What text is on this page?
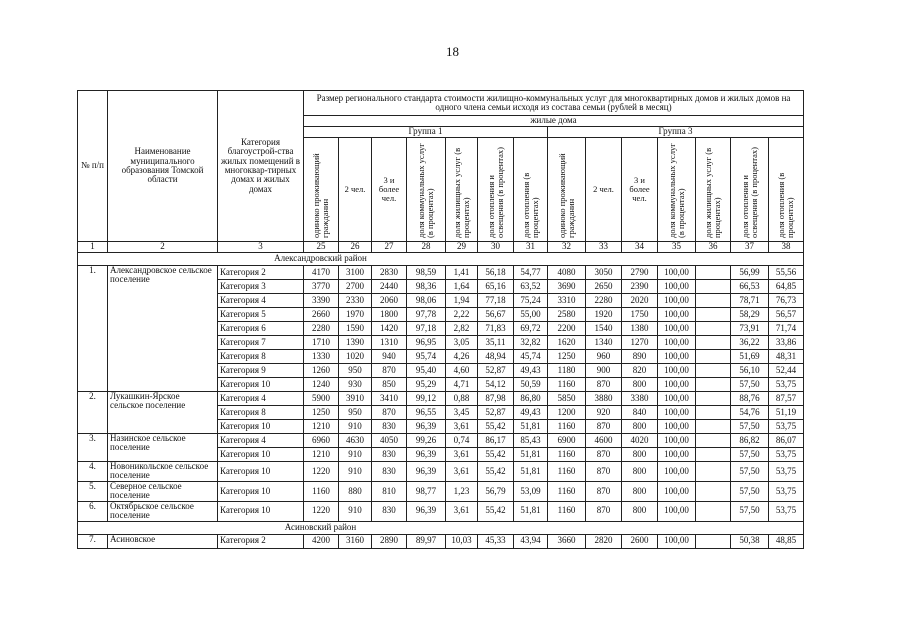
18
№ п/п	Наименование муниципального образования Томской области	Категория благоустрой-ства жилых помещений в многоквар-тирных домах и жилых домах	Размер регионального стандарта стоимости жилищно-коммунальных услуг для многоквартирных домов и жилых домов на одного члена семьи исходя из состава семьи (рублей в месяц)													
			жилые дома													
			Группа 1							Группа 3						

			одиноко проживающий гражданин	2 чел.	3 и более чел.	доля коммунальных услуг (в процентах)	доля жилищных услуг (в процентах)	доля отопления и освещения (в процентах)	доля отопления (в процентах)	одиноко проживающий гражданин	2 чел.	3 и более чел.	доля коммунальных услуг (в процентах)	доля жилищных услуг (в процентах)	доля отопления и освещения (в процентах)	доля отопления (в процентах)

1	2	3	25	26	27	28	29	30	31	32	33	34	35	36	37	38
Александровский район																
1.	Александровское сельское поселение	Категория 2	4170	3100	2830	98,59	1,41	56,18	54,77	4080	3050	2790	100,00		56,99	55,56
		Категория 3	3770	2700	2440	98,36	1,64	65,16	63,52	3690	2650	2390	100,00		66,53	64,85
		Категория 4	3390	2330	2060	98,06	1,94	77,18	75,24	3310	2280	2020	100,00		78,71	76,73
		Категория 5	2660	1970	1800	97,78	2,22	56,67	55,00	2580	1920	1750	100,00		58,29	56,57
		Категория 6	2280	1590	1420	97,18	2,82	71,83	69,72	2200	1540	1380	100,00		73,91	71,74
		Категория 7	1710	1390	1310	96,95	3,05	35,11	32,82	1620	1340	1270	100,00		36,22	33,86
		Категория 8	1330	1020	940	95,74	4,26	48,94	45,74	1250	960	890	100,00		51,69	48,31
		Категория 9	1260	950	870	95,40	4,60	52,87	49,43	1180	900	820	100,00		56,10	52,44
		Категория 10	1240	930	850	95,29	4,71	54,12	50,59	1160	870	800	100,00		57,50	53,75
2.	Лукашкин-Ярское сельское поселение	Категория 4	5900	3910	3410	99,12	0,88	87,98	86,80	5850	3880	3380	100,00		88,76	87,57
		Категория 8	1250	950	870	96,55	3,45	52,87	49,43	1200	920	840	100,00		54,76	51,19
		Категория 10	1210	910	830	96,39	3,61	55,42	51,81	1160	870	800	100,00		57,50	53,75
3.	Назинское сельское поселение	Категория 4	6960	4630	4050	99,26	0,74	86,17	85,43	6900	4600	4020	100,00		86,82	86,07
		Категория 10	1210	910	830	96,39	3,61	55,42	51,81	1160	870	800	100,00		57,50	53,75
4.	Новоникольское сельское поселение	Категория 10	1220	910	830	96,39	3,61	55,42	51,81	1160	870	800	100,00		57,50	53,75
5.	Северное сельское поселение	Категория 10	1160	880	810	98,77	1,23	56,79	53,09	1160	870	800	100,00		57,50	53,75
6.	Октябрьское сельское поселение	Категория 10	1220	910	830	96,39	3,61	55,42	51,81	1160	870	800	100,00		57,50	53,75
Асиновский район																
7.	Асиновское	Категория 2	4200	3160	2890	89,97	10,03	45,33	43,94	3660	2820	2600	100,00		50,38	48,85
